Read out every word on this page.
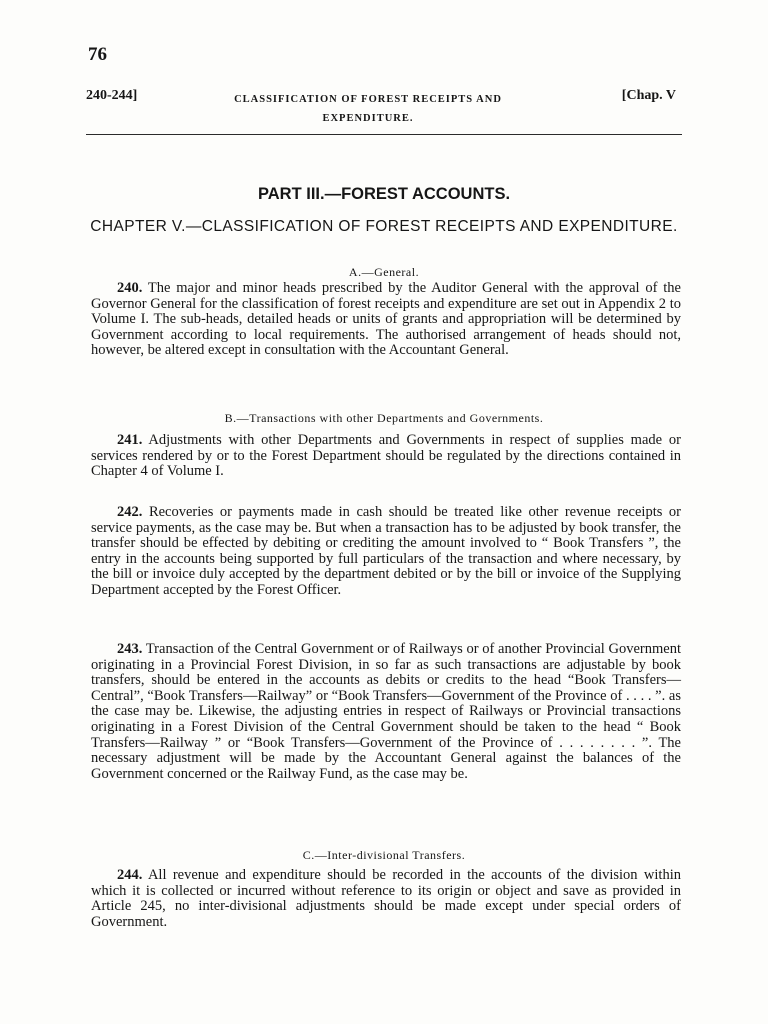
76
240-244]	CLASSIFICATION OF FOREST RECEIPTS AND
EXPENDITURE.
[Chap. V
PART III.—FOREST ACCOUNTS.
CHAPTER V.—CLASSIFICATION OF FOREST RECEIPTS AND EXPENDITURE.
A.—General.

240. The major and minor heads prescribed by the Auditor General with the approval of the Governor General for the classification of forest receipts and expenditure are set out in Appendix 2 to Volume I. The sub-heads, detailed heads or units of grants and appropriation will be determined by Government according to local requirements. The authorised arrangement of heads should not, however, be altered except in consultation with the Accountant General.

B.—Transactions with other Departments and Governments.

241. Adjustments with other Departments and Governments in respect of supplies made or services rendered by or to the Forest Department should be regulated by the directions contained in Chapter 4 of Volume I.

242. Recoveries or payments made in cash should be treated like other revenue receipts or service payments, as the case may be. But when a transaction has to be adjusted by book transfer, the transfer should be effected by debiting or crediting the amount involved to “ Book Transfers ”, the entry in the accounts being supported by full particulars of the transaction and where necessary, by the bill or invoice duly accepted by the department debited or by the bill or invoice of the Supplying Department accepted by the Forest Officer.

243. Transaction of the Central Government or of Railways or of another Provincial Government originating in a Provincial Forest Division, in so far as such transactions are adjustable by book transfers, should be entered in the accounts as debits or credits to the head “Book Transfers—Central”, “Book Transfers—Railway” or “Book Transfers—Government of the Province of . . . . ”. as the case may be. Likewise, the adjusting entries in respect of Railways or Provincial transactions originating in a Forest Division of the Central Government should be taken to the head “ Book Transfers—Railway ” or “Book Transfers—Government of the Province of . . . . . . . . ”. The necessary adjustment will be made by the Accountant General against the balances of the Government concerned or the Railway Fund, as the case may be.

C.—Inter-divisional Transfers.

244. All revenue and expenditure should be recorded in the accounts of the division within which it is collected or incurred without reference to its origin or object and save as provided in Article 245, no inter-divisional adjustments should be made except under special orders of Government.
